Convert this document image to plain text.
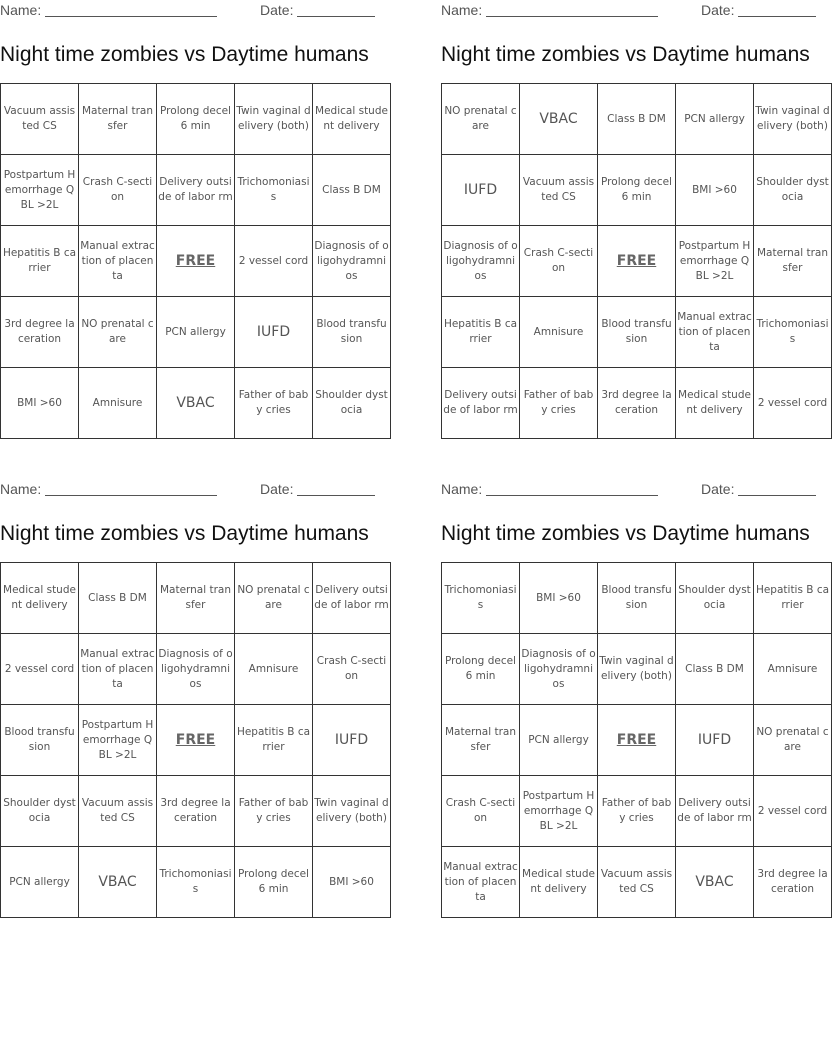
Name:	Date:
Night time zombies vs Daytime humans
Vacuum assisted CS	Maternal transfer	Prolong decel 6 min	Twin vaginal delivery (both)	Medical student delivery
Postpartum Hemorrhage QBL >2L	Crash C-section	Delivery outside of labor rm	Trichomoniasis	Class B DM
Hepatitis B carrier	Manual extraction of placenta	FREE	2 vessel cord	Diagnosis of oligohydramnios
3rd degree laceration	NO prenatal care	PCN allergy	IUFD	Blood transfusion
BMI >60	Amnisure	VBAC	Father of baby cries	Shoulder dystocia
Name:	Date:
Night time zombies vs Daytime humans
NO prenatal care	VBAC	Class B DM	PCN allergy	Twin vaginal delivery (both)
IUFD	Vacuum assisted CS	Prolong decel 6 min	BMI >60	Shoulder dystocia
Diagnosis of oligohydramnios	Crash C-section	FREE	Postpartum Hemorrhage QBL >2L	Maternal transfer
Hepatitis B carrier	Amnisure	Blood transfusion	Manual extraction of placenta	Trichomoniasis
Delivery outside of labor rm	Father of baby cries	3rd degree laceration	Medical student delivery	2 vessel cord
Name:	Date:
Night time zombies vs Daytime humans
Medical student delivery	Class B DM	Maternal transfer	NO prenatal care	Delivery outside of labor rm
2 vessel cord	Manual extraction of placenta	Diagnosis of oligohydramnios	Amnisure	Crash C-section
Blood transfusion	Postpartum Hemorrhage QBL >2L	FREE	Hepatitis B carrier	IUFD
Shoulder dystocia	Vacuum assisted CS	3rd degree laceration	Father of baby cries	Twin vaginal delivery (both)
PCN allergy	VBAC	Trichomoniasis	Prolong decel 6 min	BMI >60
Name:	Date:
Night time zombies vs Daytime humans
Trichomoniasis	BMI >60	Blood transfusion	Shoulder dystocia	Hepatitis B carrier
Prolong decel 6 min	Diagnosis of oligohydramnios	Twin vaginal delivery (both)	Class B DM	Amnisure
Maternal transfer	PCN allergy	FREE	IUFD	NO prenatal care
Crash C-section	Postpartum Hemorrhage QBL >2L	Father of baby cries	Delivery outside of labor rm	2 vessel cord
Manual extraction of placenta	Medical student delivery	Vacuum assisted CS	VBAC	3rd degree laceration
